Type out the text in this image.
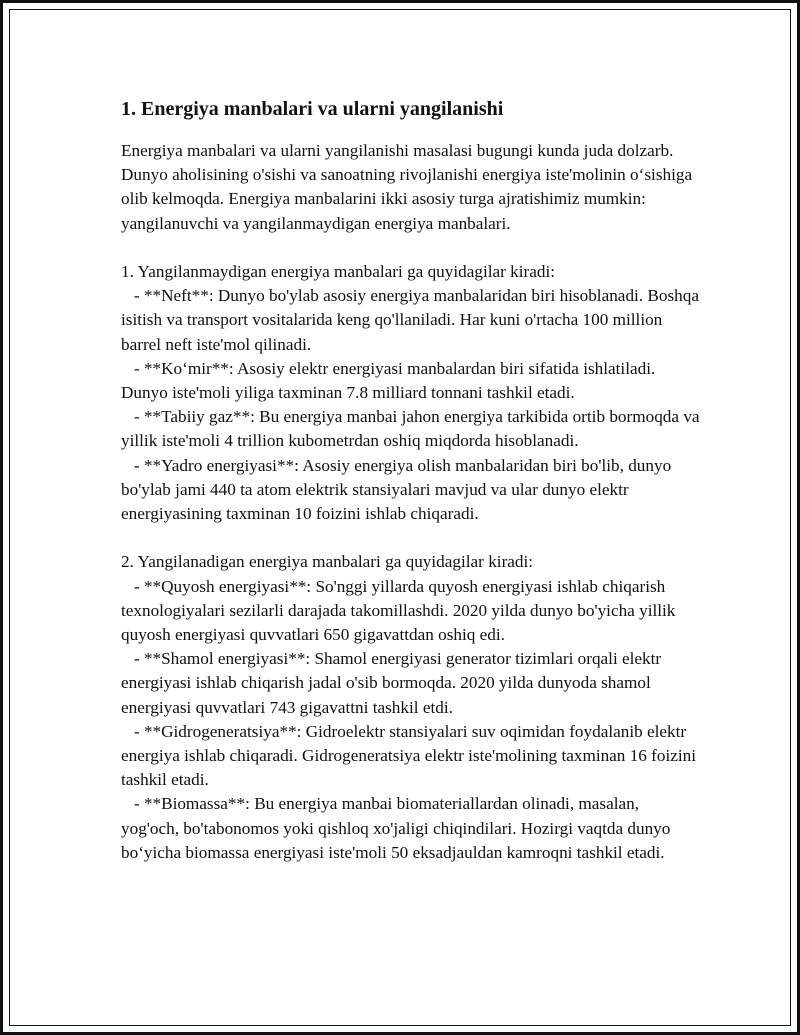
1. Energiya manbalari va ularni yangilanishi

Energiya manbalari va ularni yangilanishi masalasi bugungi kunda juda dolzarb. Dunyo aholisining o'sishi va sanoatning rivojlanishi energiya iste'molinin o‘sishiga olib kelmoqda. Energiya manbalarini ikki asosiy turga ajratishimiz mumkin: yangilanuvchi va yangilanmaydigan energiya manbalari.

1. Yangilanmaydigan energiya manbalari ga quyidagilar kiradi:

- **Neft**: Dunyo bo'ylab asosiy energiya manbalaridan biri hisoblanadi. Boshqa isitish va transport vositalarida keng qo'llaniladi. Har kuni o'rtacha 100 million barrel neft iste'mol qilinadi.

- **Ko‘mir**: Asosiy elektr energiyasi manbalardan biri sifatida ishlatiladi. Dunyo iste'moli yiliga taxminan 7.8 milliard tonnani tashkil etadi.

- **Tabiiy gaz**: Bu energiya manbai jahon energiya tarkibida ortib bormoqda va yillik iste'moli 4 trillion kubometrdan oshiq miqdorda hisoblanadi.

- **Yadro energiyasi**: Asosiy energiya olish manbalaridan biri bo'lib, dunyo bo'ylab jami 440 ta atom elektrik stansiyalari mavjud va ular dunyo elektr energiyasining taxminan 10 foizini ishlab chiqaradi.

2. Yangilanadigan energiya manbalari ga quyidagilar kiradi:

- **Quyosh energiyasi**: So'nggi yillarda quyosh energiyasi ishlab chiqarish texnologiyalari sezilarli darajada takomillashdi. 2020 yilda dunyo bo'yicha yillik quyosh energiyasi quvvatlari 650 gigavattdan oshiq edi.

- **Shamol energiyasi**: Shamol energiyasi generator tizimlari orqali elektr energiyasi ishlab chiqarish jadal o'sib bormoqda. 2020 yilda dunyoda shamol energiyasi quvvatlari 743 gigavattni tashkil etdi.

- **Gidrogeneratsiya**: Gidroelektr stansiyalari suv oqimidan foydalanib elektr energiya ishlab chiqaradi. Gidrogeneratsiya elektr iste'molining taxminan 16 foizini tashkil etadi.

- **Biomassa**: Bu energiya manbai biomateriallardan olinadi, masalan, yog'och, bo'tabonomos yoki qishloq xo'jaligi chiqindilari. Hozirgi vaqtda dunyo bo‘yicha biomassa energiyasi iste'moli 50 eksadjauldan kamroqni tashkil etadi.
